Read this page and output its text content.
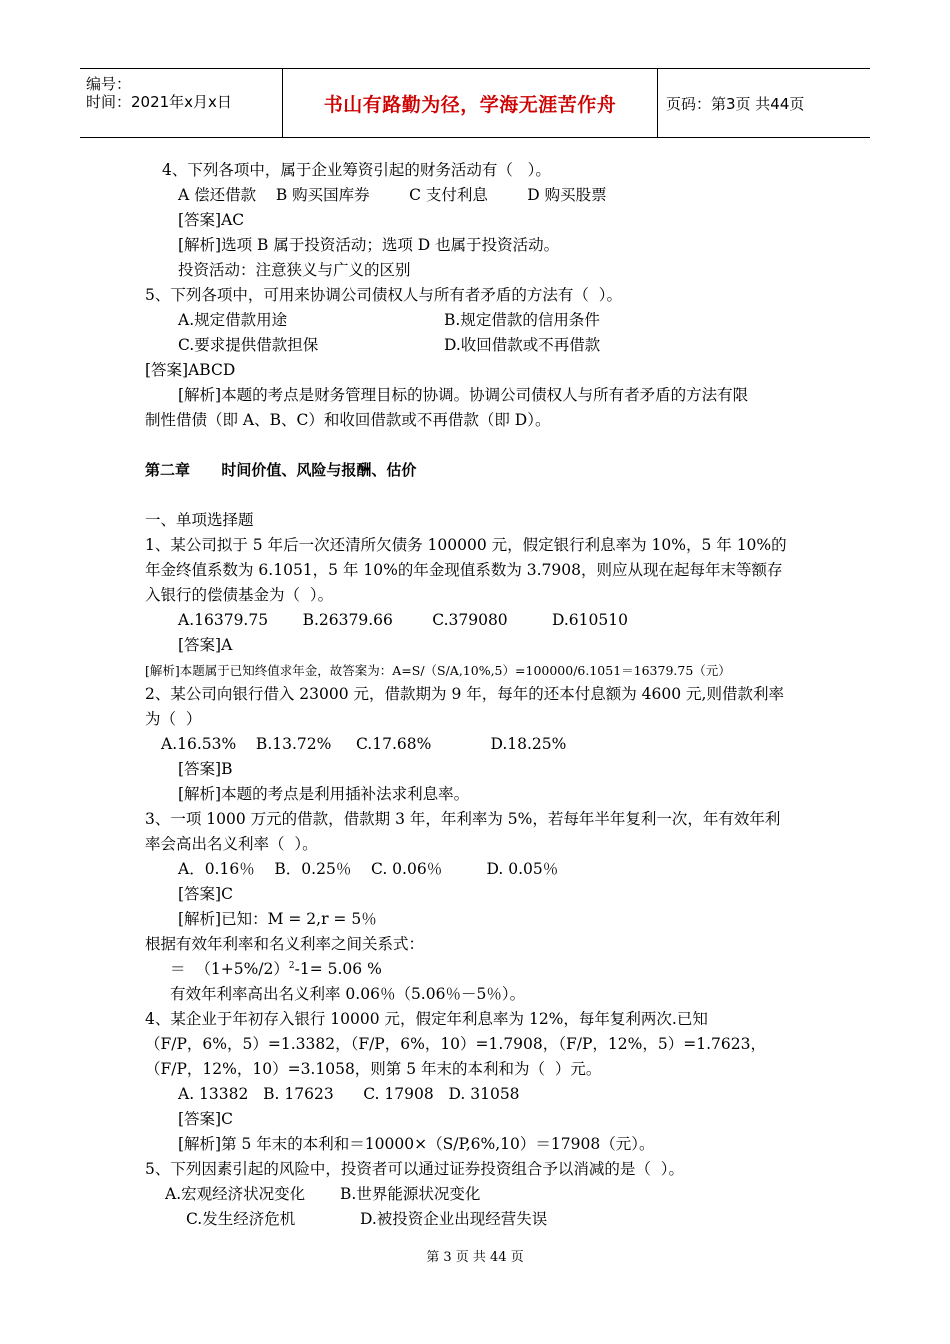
编号：
时间：2021年x月x日	书山有路勤为径，学海无涯苦作舟	页码：第3页 共44页
4、下列各项中，属于企业筹资引起的财务活动有（   ）。
A 偿还借款    B 购买国库券        C 支付利息        D 购买股票
[答案]AC
[解析]选项 B 属于投资活动；选项 D 也属于投资活动。
投资活动：注意狭义与广义的区别
5、下列各项中，可用来协调公司债权人与所有者矛盾的方法有（  ）。
A.规定借款用途	B.规定借款的信用条件
C.要求提供借款担保	D.收回借款或不再借款
[答案]ABCD
[解析]本题的考点是财务管理目标的协调。协调公司债权人与所有者矛盾的方法有限
制性借债（即 A、B、C）和收回借款或不再借款（即 D）。
第二章      时间价值、风险与报酬、估价
一、单项选择题
1、某公司拟于 5 年后一次还清所欠债务 100000 元，假定银行利息率为 10%，5 年 10%的
年金终值系数为 6.1051，5 年 10%的年金现值系数为 3.7908，则应从现在起每年末等额存
入银行的偿债基金为（  ）。
A.16379.75       B.26379.66        C.379080         D.610510
[答案]A
[解析]本题属于已知终值求年金，故答案为：A=S/（S/A,10%,5）=100000/6.1051＝16379.75（元）
2、某公司向银行借入 23000 元，借款期为 9 年，每年的还本付息额为 4600 元,则借款利率
为（  ）
A.16.53%    B.13.72%     C.17.68%            D.18.25%
[答案]B
[解析]本题的考点是利用插补法求利息率。
3、一项 1000 万元的借款，借款期 3 年，年利率为 5%，若每年半年复利一次，年有效年利
率会高出名义利率（  ）。
A．0.16％    B．0.25％    C. 0.06％         D. 0.05％
[答案]C
[解析]已知：M = 2,r = 5％
根据有效年利率和名义利率之间关系式：
＝  $(1+5\%/2)^2-1= 5.06$ %
有效年利率高出名义利率 0.06％（5.06％－5％）。
4、某企业于年初存入银行 10000 元，假定年利息率为 12%，每年复利两次.已知
（F/P，6%，5）=1.3382，（F/P，6%，10）=1.7908，（F/P，12%，5）=1.7623，
（F/P，12%，10）=3.1058，则第 5 年末的本利和为（  ）元。
A. 13382   B. 17623      C. 17908   D. 31058
[答案]C
[解析]第 5 年末的本利和＝10000×（S/P,6%,10）＝17908（元）。
5、下列因素引起的风险中，投资者可以通过证券投资组合予以消减的是（  ）。
A.宏观经济状况变化 B.世界能源状况变化
C.发生经济危机	D.被投资企业出现经营失误
第 3 页 共 44 页
